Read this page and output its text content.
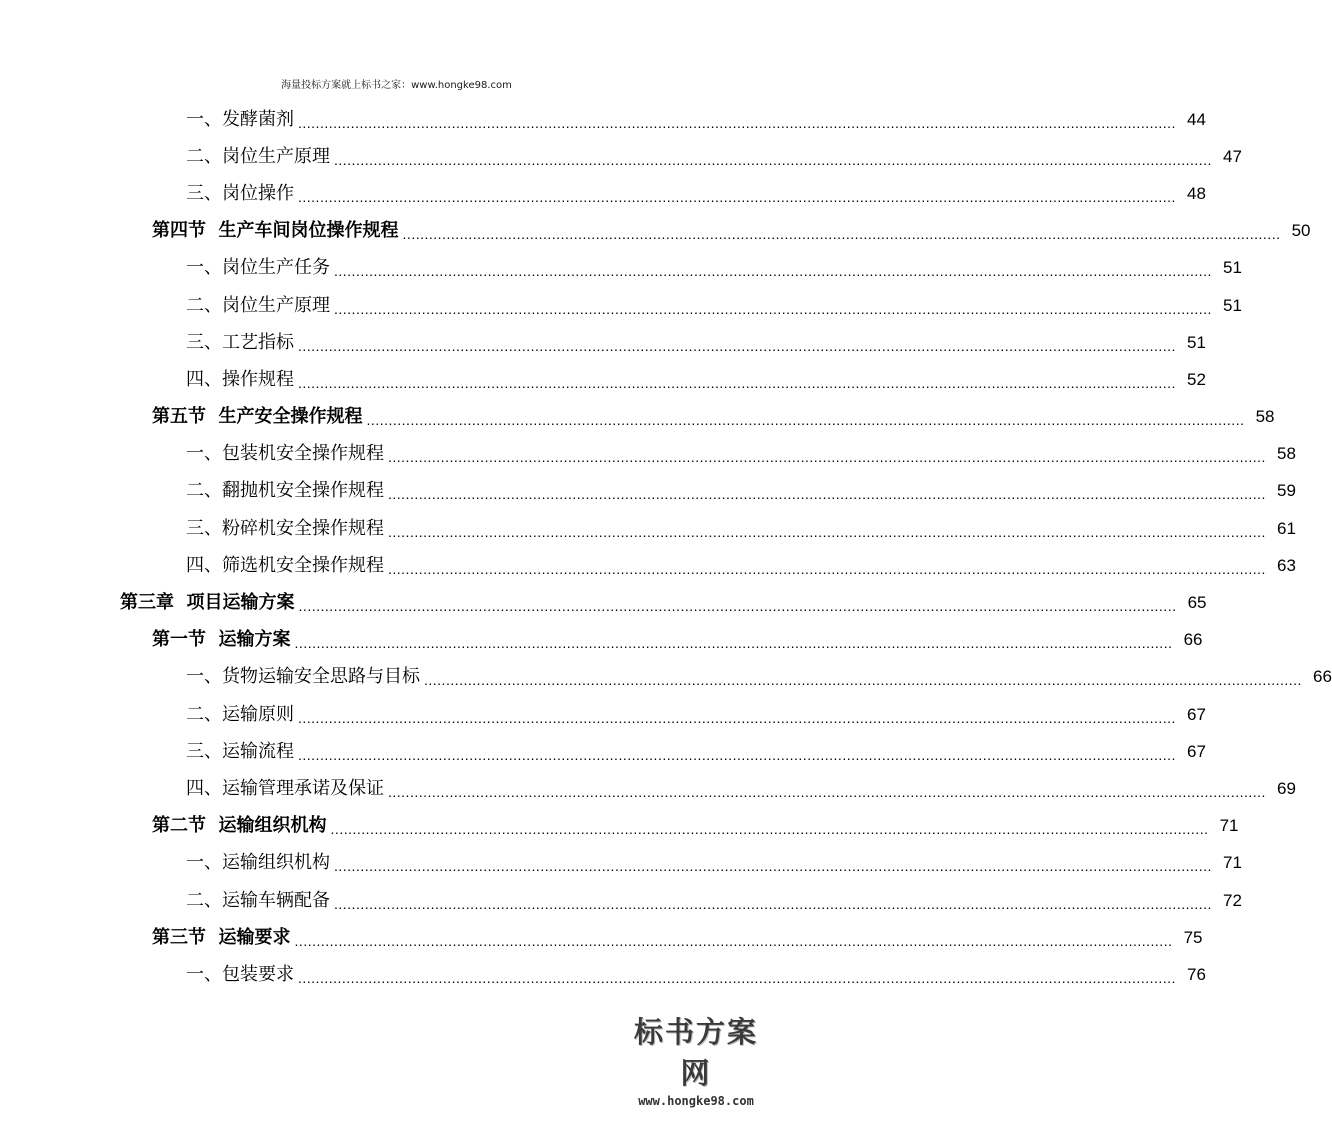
海量投标方案就上标书之家：www.hongke98.com
一、发酵菌剂 ........................................................................................................................................................................................................ 44
二、岗位生产原理 ........................................................................................................................................................................................................ 47
三、岗位操作 ........................................................................................................................................................................................................ 48
第四节  生产车间岗位操作规程 ........................................................................................................................................................................................................ 50
一、岗位生产任务 ........................................................................................................................................................................................................ 51
二、岗位生产原理 ........................................................................................................................................................................................................ 51
三、工艺指标 ........................................................................................................................................................................................................ 51
四、操作规程 ........................................................................................................................................................................................................ 52
第五节  生产安全操作规程 ........................................................................................................................................................................................................ 58
一、包装机安全操作规程 ........................................................................................................................................................................................................ 58
二、翻抛机安全操作规程 ........................................................................................................................................................................................................ 59
三、粉碎机安全操作规程 ........................................................................................................................................................................................................ 61
四、筛选机安全操作规程 ........................................................................................................................................................................................................ 63
第三章  项目运输方案 ........................................................................................................................................................................................................ 65
第一节  运输方案 ........................................................................................................................................................................................................ 66
一、货物运输安全思路与目标 ........................................................................................................................................................................................................ 66
二、运输原则 ........................................................................................................................................................................................................ 67
三、运输流程 ........................................................................................................................................................................................................ 67
四、运输管理承诺及保证 ........................................................................................................................................................................................................ 69
第二节  运输组织机构 ........................................................................................................................................................................................................ 71
一、运输组织机构 ........................................................................................................................................................................................................ 71
二、运输车辆配备 ........................................................................................................................................................................................................ 72
第三节  运输要求 ........................................................................................................................................................................................................ 75
一、包装要求 ........................................................................................................................................................................................................ 76
标书方案网
www.hongke98.com
